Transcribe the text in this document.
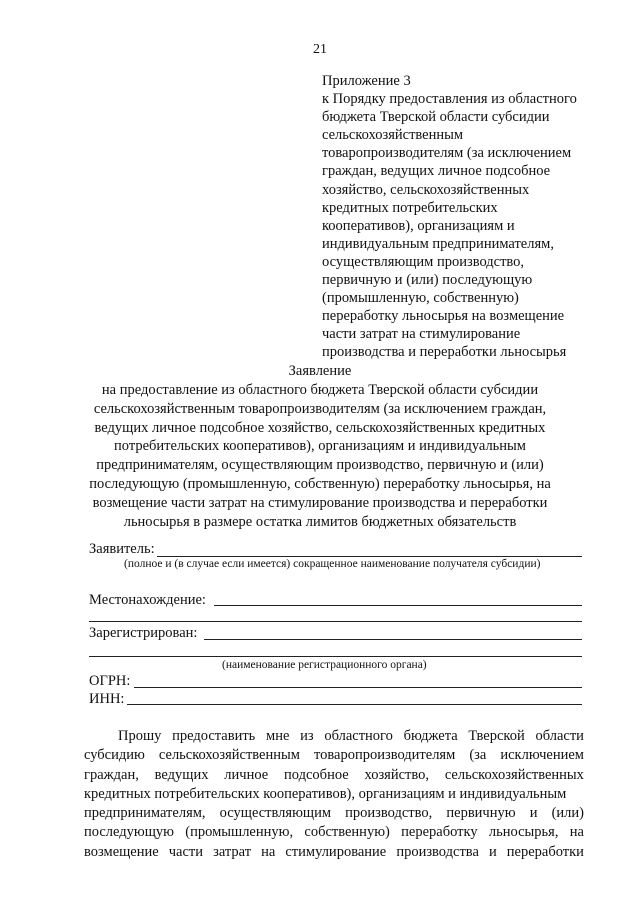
21
Приложение 3
к Порядку предоставления из областного
бюджета Тверской области субсидии
сельскохозяйственным
товаропроизводителям (за исключением
граждан, ведущих личное подсобное
хозяйство, сельскохозяйственных
кредитных потребительских
кооперативов), организациям и
индивидуальным предпринимателям,
осуществляющим производство,
первичную и (или) последующую
(промышленную, собственную)
переработку льносырья на возмещение
части затрат на стимулирование
производства и переработки льносырья
Заявление
на предоставление из областного бюджета Тверской области субсидии
сельскохозяйственным товаропроизводителям (за исключением граждан,
ведущих личное подсобное хозяйство, сельскохозяйственных кредитных
потребительских кооперативов), организациям и индивидуальным
предпринимателям, осуществляющим производство, первичную и (или)
последующую (промышленную, собственную) переработку льносырья, на
возмещение части затрат на стимулирование производства и переработки
льносырья в размере остатка лимитов бюджетных обязательств
Заявитель:
(полное и (в случае если имеется) сокращенное наименование получателя субсидии)
Местонахождение:
Зарегистрирован:
(наименование регистрационного органа)
ОГРН:
ИНН:
Прошу предоставить мне из областного бюджета Тверской области
субсидию сельскохозяйственным товаропроизводителям (за исключением
граждан, ведущих личное подсобное хозяйство, сельскохозяйственных
кредитных потребительских кооперативов), организациям и индивидуальным
предпринимателям, осуществляющим производство, первичную и (или)
последующую (промышленную, собственную) переработку льносырья, на
возмещение части затрат на стимулирование производства и переработки
